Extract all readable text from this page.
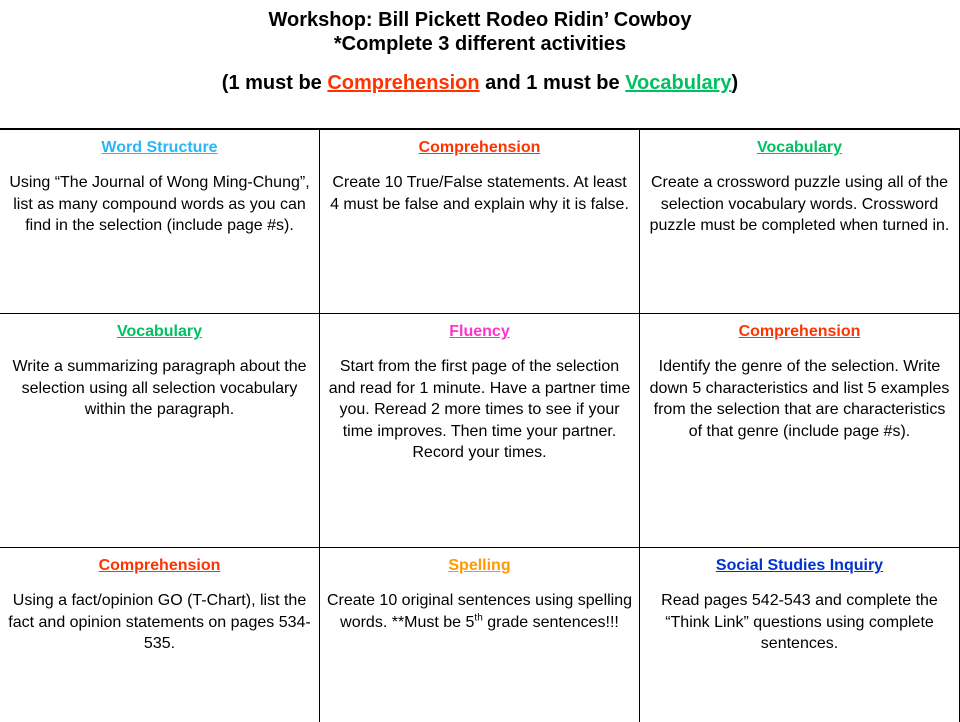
Workshop: Bill Pickett Rodeo Ridin’ Cowboy
*Complete 3 different activities
(1 must be Comprehension and 1 must be Vocabulary)
Word Structure
Using “The Journal of Wong Ming-Chung”, list as many compound words as you can find in the selection (include page #s).
Comprehension
Create 10 True/False statements. At least 4 must be false and explain why it is false.
Vocabulary
Create a crossword puzzle using all of the selection vocabulary words. Crossword puzzle must be completed when turned in.
Vocabulary
Write a summarizing paragraph about the selection using all selection vocabulary within the paragraph.
Fluency
Start from the first page of the selection and read for 1 minute. Have a partner time you. Reread 2 more times to see if your time improves. Then time your partner. Record your times.
Comprehension
Identify the genre of the selection. Write down 5 characteristics and list 5 examples from the selection that are characteristics of that genre (include page #s).
Comprehension
Using a fact/opinion GO (T-Chart), list the fact and opinion statements on pages 534-535.
Spelling
Create 10 original sentences using spelling words. **Must be 5th grade sentences!!!
Social Studies Inquiry
Read pages 542-543 and complete the “Think Link” questions using complete sentences.
